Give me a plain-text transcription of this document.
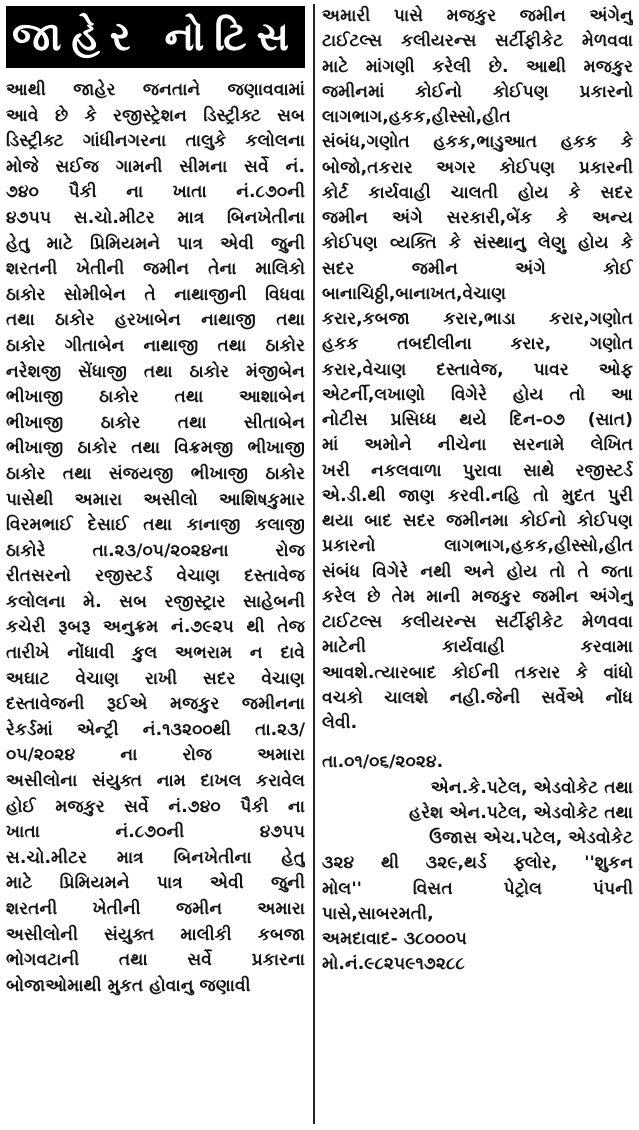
જાહેર નોટિસ
આથી જાહેર જનતાને જણાવવામાં
આવે છે કે રજીસ્ટ્રેશન ડિસ્ટ્રીક્ટ સબ
ડિસ્ટ્રીક્ટ ગાંધીનગરના તાલુકે કલોલના
મોજે સઈજ ગામની સીમના સર્વે નં.
૭૪૦ પૈકી ના ખાતા નં.૮૭૦ની
૪૭૫૫ સ.ચો.મીટર માત્ર બિનખેતીના
હેતુ માટે પ્રિમિયમને પાત્ર એવી જુની
શરતની ખેતીની જમીન તેના માલિકો
ઠાકોર સોમીબેન તે નાથાજીની વિધવા
તથા ઠાકોર હરખાબેન નાથાજી તથા
ઠાકોર ગીતાબેન નાથાજી તથા ઠાકોર
નરેશજી સેંધાજી તથા ઠાકોર મંજીબેન
ભીખાજી ઠાકોર તથા આશાબેન
ભીખાજી ઠાકોર તથા સીતાબેન
ભીખાજી ઠાકોર તથા વિક્રમજી ભીખાજી
ઠાકોર તથા સંજયજી ભીખાજી ઠાકોર
પાસેથી અમારા અસીલો આશિષકુમાર
વિરમભાઈ દેસાઈ તથા કાનાજી કલાજી
ઠાકોરે તા.૨૩/૦૫/૨૦૨૪ના રોજ
રીતસરનો રજીસ્ટર્ડ વેચાણ દસ્તાવેજ
કલોલના મે. સબ રજીસ્ટ્રાર સાહેબની
કચેરી રૂબરૂ અનુક્રમ નં.૭૯૨૫ થી તેજ
તારીખે નોંધાવી કુલ અભરામ ન દાવે
અઘાટ વેચાણ રાખી સદર વેચાણ
દસ્તાવેજની રૂઈએ મજકુર જમીનના
રેકર્ડમાં એન્ટ્રી નં.૧૩૨૦૦થી તા.૨૩/
૦૫/૨૦૨૪ ના રોજ અમારા
અસીલોના સંયુક્ત નામ દાખલ કરાવેલ
હોઈ મજકુર સર્વે નં.૭૪૦ પૈકી ના
ખાતા નં.૮૭૦ની ૪૭૫૫
સ.ચો.મીટર માત્ર બિનખેતીના હેતુ
માટે પ્રિમિયમને પાત્ર એવી જુની
શરતની ખેતીની જમીન અમારા
અસીલોની સંયુક્ત માલીકી કબજા
ભોગવટાની તથા સર્વે પ્રકારના
બોજાઓમાથી મુકત હોવાનુ જણાવી
અમારી પાસે મજકુર જમીન અંગેનુ
ટાઈટલ્સ કલીયરન્સ સર્ટીફીકેટ મેળવવા
માટે માંગણી કરેલી છે. આથી મજકુર
જમીનમાં કોઈનો કોઈપણ પ્રકારનો
લાગભાગ,હકક,હીસ્સો,હીત
સંબંધ,ગણોત હકક,ભાડુઆત હકક કે
બોજો,તકરાર અગર કોઈપણ પ્રકારની
કોર્ટ કાર્યવાહી ચાલતી હોય કે સદર
જમીન અંગે સરકારી,બેંક કે અન્ય
કોઈપણ વ્યક્તિ કે સંસ્થાનુ લેણુ હોય કે
સદર જમીન અંગે કોઈ
બાનાચિઠ્ઠી,બાનાખત,વેચાણ
કરાર,કબજા કરાર,ભાડા કરાર,ગણોત
હકક તબદીલીના કરાર, ગણોત
કરાર,વેચાણ દસ્તાવેજ, પાવર ઓફ
એટર્ની,લખાણો વિગેરે હોય તો આ
નોટીસ પ્રસિધ્ધ થયે દિન-૦૭ (સાત)
માં અમોને નીચેના સરનામે લેખિત
ખરી નકલવાળા પુરાવા સાથે રજીસ્ટર્ડ
એ.ડી.થી જાણ કરવી.નહિ તો મુદત પુરી
થયા બાદ સદર જમીનમા કોઈનો કોઈપણ
પ્રકારનો લાગભાગ,હકક,હીસ્સો,હીત
સંબંધ વિગેરે નથી અને હોય તો તે જતા
કરેલ છે તેમ માની મજકુર જમીન અંગેનુ
ટાઈટલ્સ કલીયરન્સ સર્ટીફીકેટ મેળવવા
માટેની કાર્યવાહી કરવામા
આવશે.ત્યારબાદ કોઈની તકરાર કે વાંધો
વચકો ચાલશે નહી.જેની સર્વેએ નોંધ
લેવી.
તા.૦૧/૦૬/૨૦૨૪.
એન.કે.પટેલ, એડવોકેટ તથા
હરેશ એન.પટેલ, એડવોકેટ તથા
ઉજાસ એચ.પટેલ, એડવોકેટ
૩૨૪ થી ૩૨૯,થર્ડ ફ્લોર, ''શુકન
મોલ'' વિસત પેટ્રોલ પંપની
પાસે,સાબરમતી,
અમદાવાદ- ૩૮૦૦૦૫
મો.નં.૯૮૨૫૯૧૭૨૮૮
